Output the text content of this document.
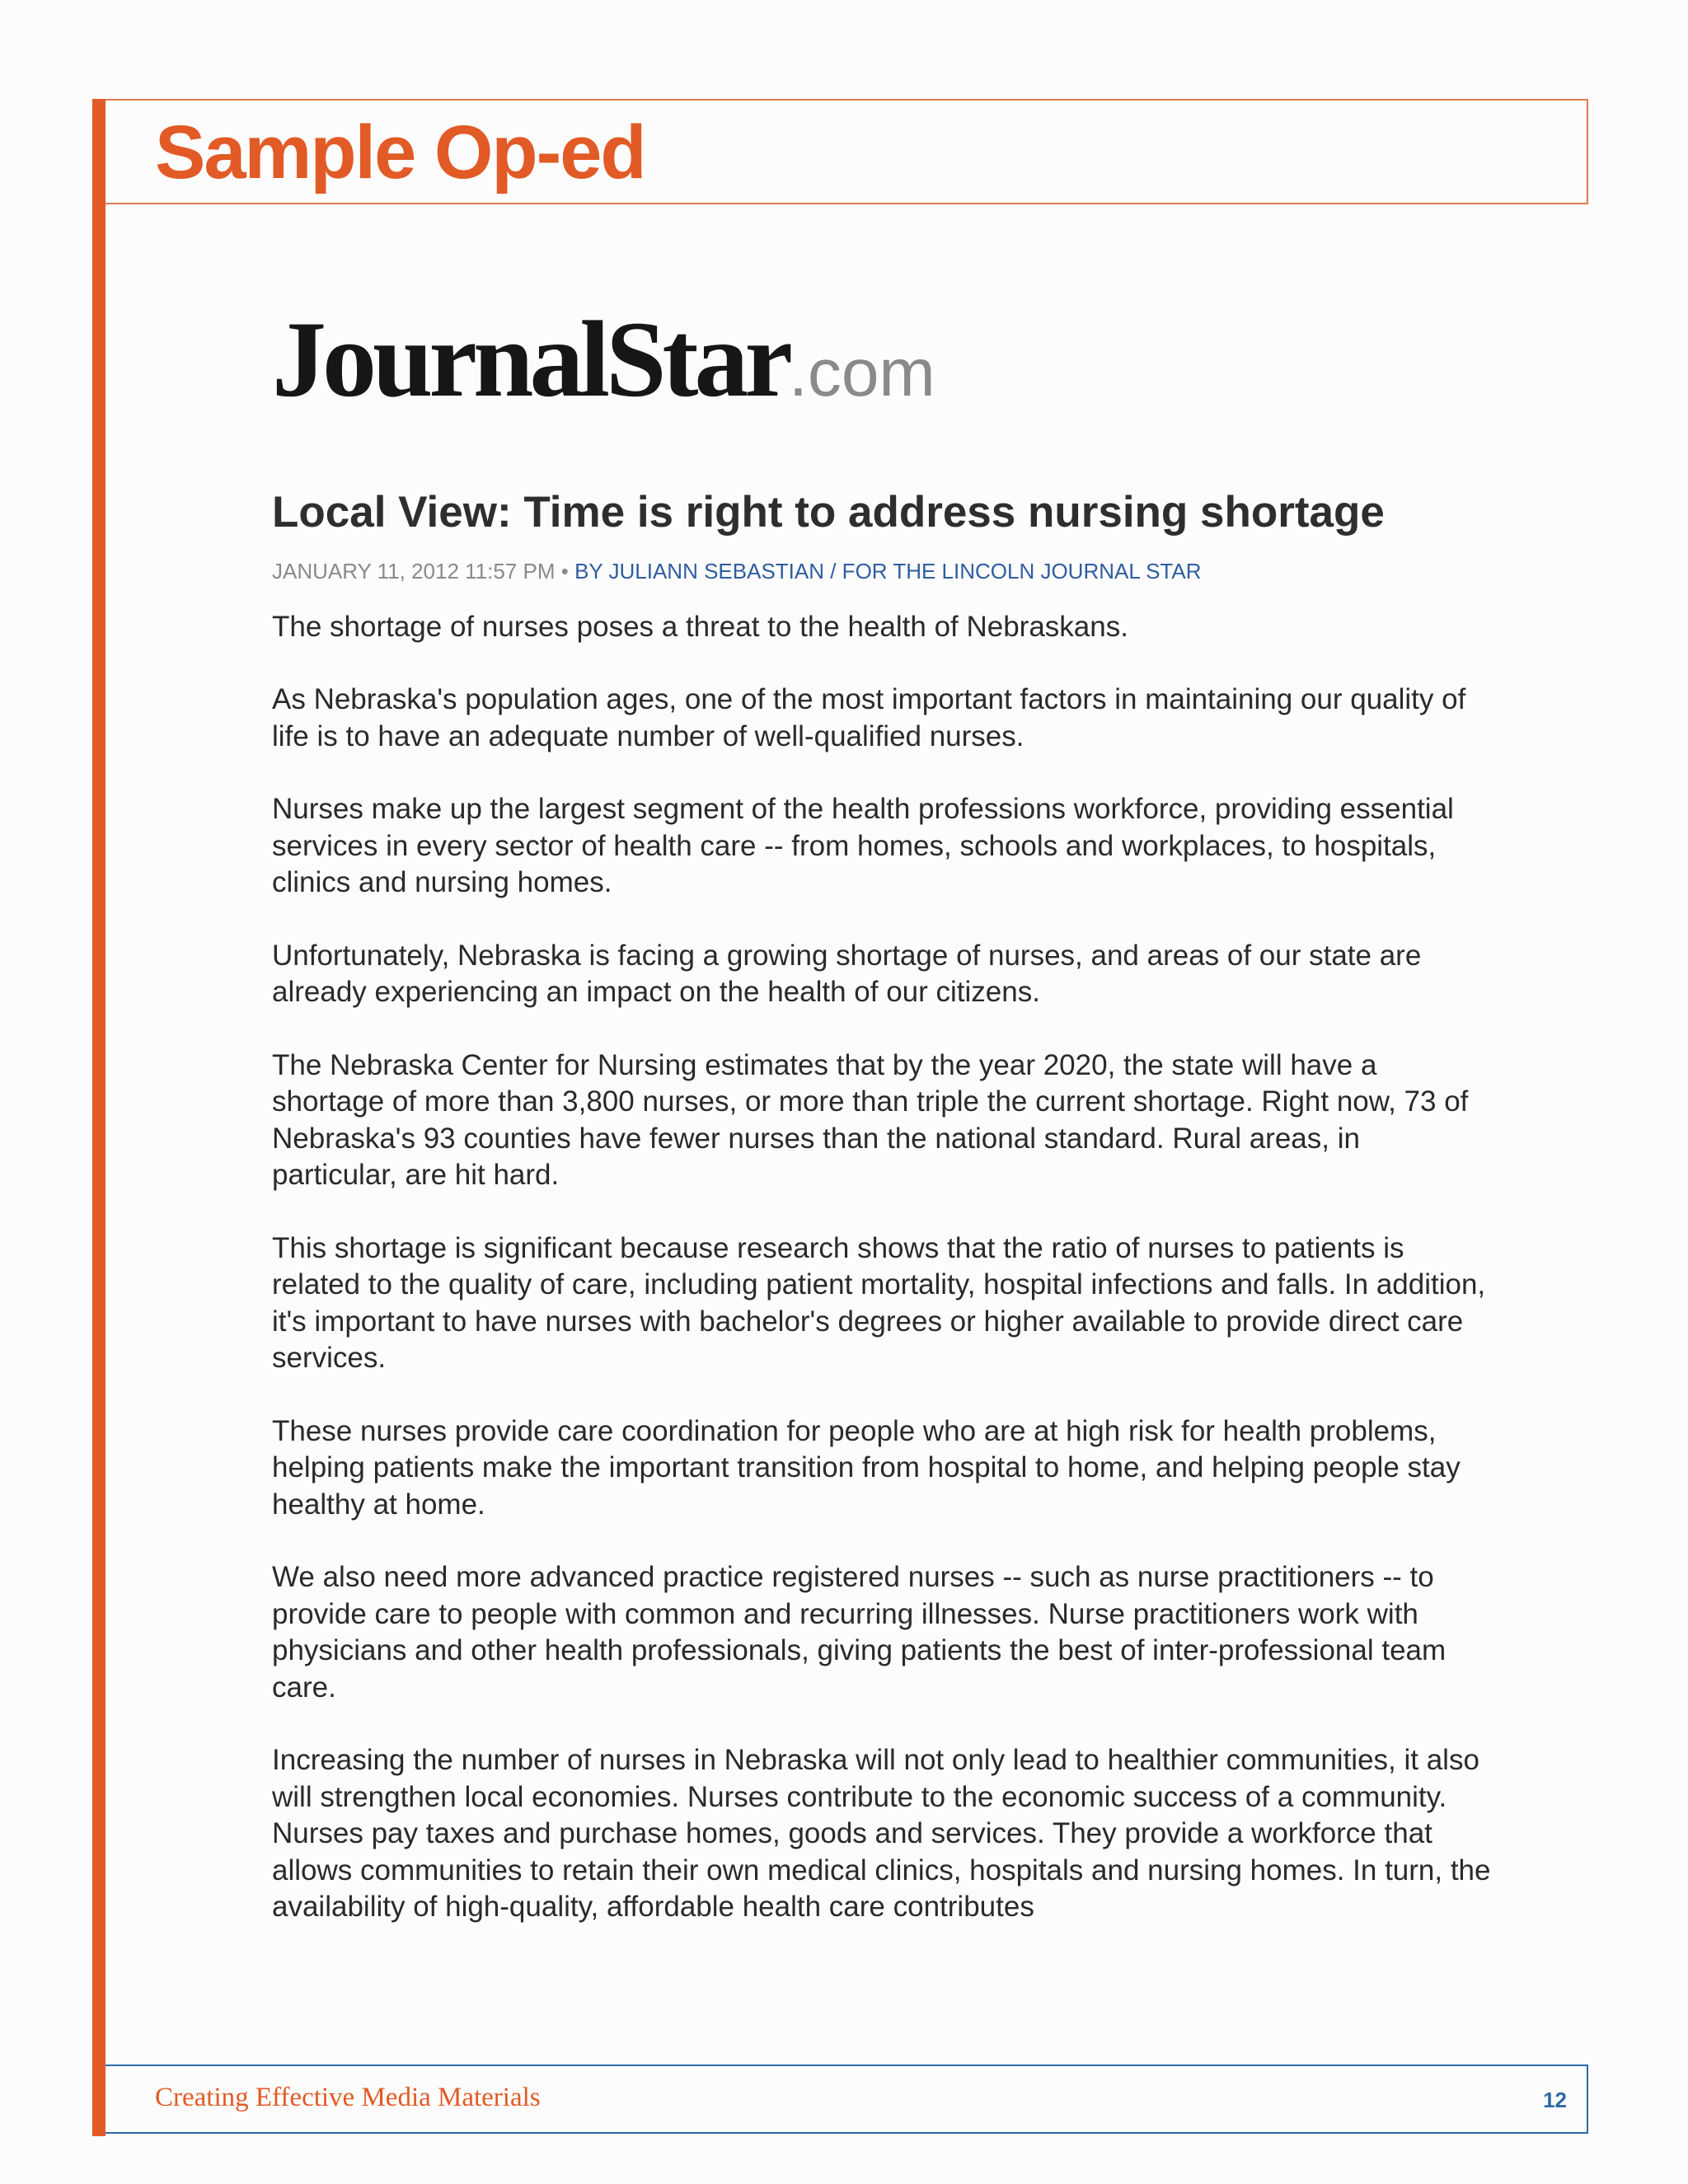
Sample Op-ed
JournalStar.com
Local View: Time is right to address nursing shortage
JANUARY 11, 2012 11:57 PM • BY JULIANN SEBASTIAN / FOR THE LINCOLN JOURNAL STAR

The shortage of nurses poses a threat to the health of Nebraskans.

As Nebraska's population ages, one of the most important factors in maintaining our quality of life is to have an adequate number of well-qualified nurses.

Nurses make up the largest segment of the health professions workforce, providing essential services in every sector of health care -- from homes, schools and workplaces, to hospitals, clinics and nursing homes.

Unfortunately, Nebraska is facing a growing shortage of nurses, and areas of our state are already experiencing an impact on the health of our citizens.

The Nebraska Center for Nursing estimates that by the year 2020, the state will have a shortage of more than 3,800 nurses, or more than triple the current shortage. Right now, 73 of Nebraska's 93 counties have fewer nurses than the national standard. Rural areas, in particular, are hit hard.

This shortage is significant because research shows that the ratio of nurses to patients is related to the quality of care, including patient mortality, hospital infections and falls. In addition, it's important to have nurses with bachelor's degrees or higher available to provide direct care services.

These nurses provide care coordination for people who are at high risk for health problems, helping patients make the important transition from hospital to home, and helping people stay healthy at home.

We also need more advanced practice registered nurses -- such as nurse practitioners -- to provide care to people with common and recurring illnesses. Nurse practitioners work with physicians and other health professionals, giving patients the best of inter-professional team care.

Increasing the number of nurses in Nebraska will not only lead to healthier communities, it also will strengthen local economies. Nurses contribute to the economic success of a community. Nurses pay taxes and purchase homes, goods and services. They provide a workforce that allows communities to retain their own medical clinics, hospitals and nursing homes. In turn, the availability of high-quality, affordable health care contributes

Creating Effective Media Materials	12
